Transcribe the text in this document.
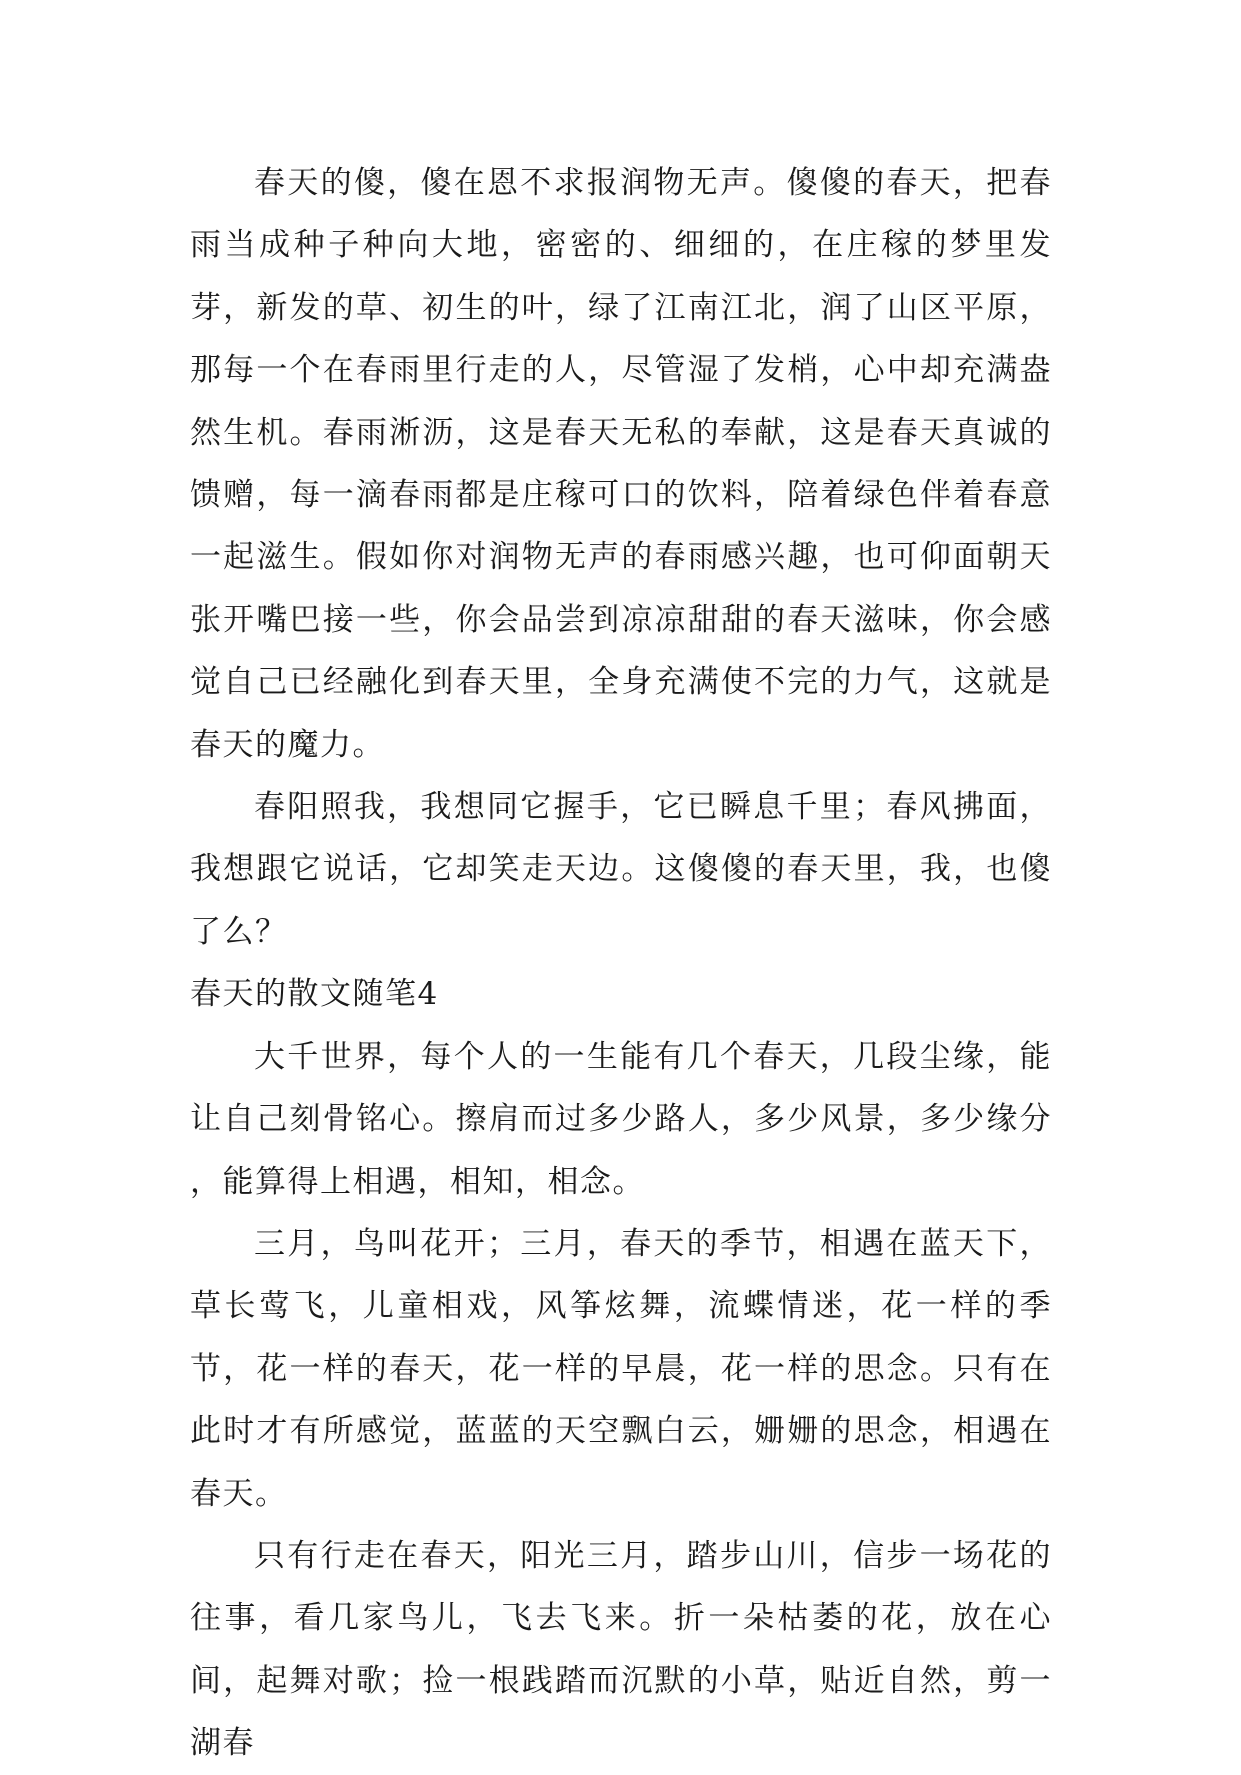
春天的傻，傻在恩不求报润物无声。傻傻的春天，把春雨当成种子种向大地，密密的、细细的，在庄稼的梦里发芽，新发的草、初生的叶，绿了江南江北，润了山区平原，那每一个在春雨里行走的人，尽管湿了发梢，心中却充满盎然生机。春雨淅沥，这是春天无私的奉献，这是春天真诚的馈赠，每一滴春雨都是庄稼可口的饮料，陪着绿色伴着春意一起滋生。假如你对润物无声的春雨感兴趣，也可仰面朝天张开嘴巴接一些，你会品尝到凉凉甜甜的春天滋味，你会感觉自己已经融化到春天里，全身充满使不完的力气，这就是春天的魔力。

春阳照我，我想同它握手，它已瞬息千里；春风拂面，我想跟它说话，它却笑走天边。这傻傻的春天里，我，也傻了么？

春天的散文随笔4

大千世界，每个人的一生能有几个春天，几段尘缘，能让自己刻骨铭心。擦肩而过多少路人，多少风景，多少缘分 ，能算得上相遇，相知，相念。

三月，鸟叫花开；三月，春天的季节，相遇在蓝天下，草长莺飞，儿童相戏，风筝炫舞，流蝶情迷，花一样的季节，花一样的春天，花一样的早晨，花一样的思念。只有在此时才有所感觉，蓝蓝的天空飘白云，姗姗的思念，相遇在春天。

只有行走在春天，阳光三月，踏步山川，信步一场花的往事，看几家鸟儿，飞去飞来。折一朵枯萎的花，放在心间，起舞对歌；捡一根践踏而沉默的小草，贴近自然，剪一湖春
